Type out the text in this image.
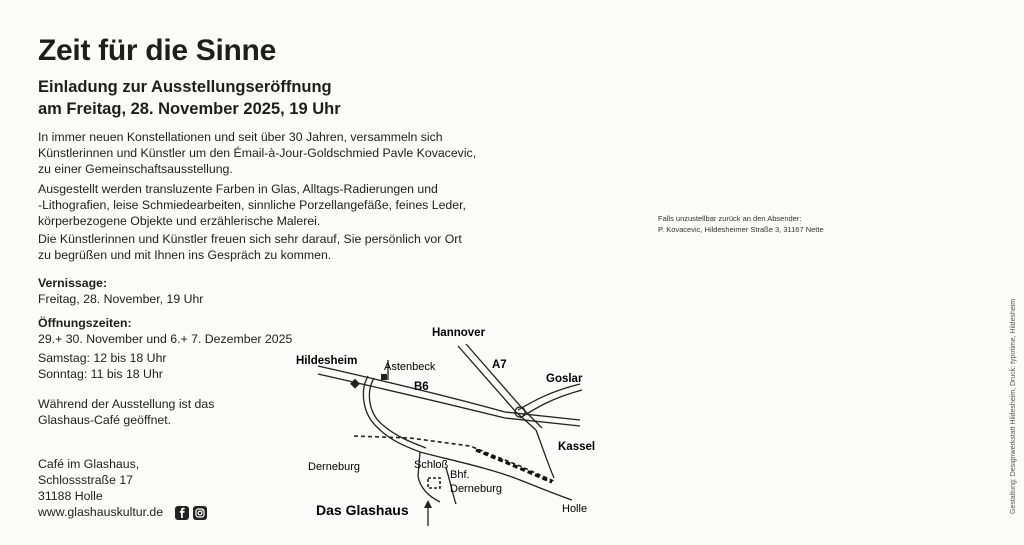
Zeit für die Sinne
Einladung zur Ausstellungseröffnung
am Freitag, 28. November 2025, 19 Uhr
In immer neuen Konstellationen und seit über 30 Jahren, versammeln sich
Künstlerinnen und Künstler um den Émail-à-Jour-Goldschmied Pavle Kovacevic,
zu einer Gemeinschaftsausstellung.
Ausgestellt werden transluzente Farben in Glas, Alltags-Radierungen und
-Lithografien, leise Schmiedearbeiten, sinnliche Porzellangefäße, feines Leder,
körperbezogene Objekte und erzählerische Malerei.
Die Künstlerinnen und Künstler freuen sich sehr darauf, Sie persönlich vor Ort
zu begrüßen und mit Ihnen ins Gespräch zu kommen.
Vernissage:
Freitag, 28. November, 19 Uhr
Öffnungszeiten:
29.+ 30. November und 6.+ 7. Dezember 2025
Samstag: 12 bis 18 Uhr
Sonntag: 11 bis 18 Uhr
Während der Ausstellung ist das
Glashaus-Café geöffnet.
Café im Glashaus,
Schlossstraße 17
31188 Holle
www.glashauskultur.de
Falls unzustellbar zurück an den Absender:
P. Kovacevic, Hildesheimer Straße 3, 31167 Nette
Gestaltung: Designwerkstatt Hildesheim, Druck: typotime, Hildesheim
Hannover
A7
Hildesheim Astenbeck
B6
Goslar
Kassel
Derneburg	Schloß
Bhf.
Derneburg
Das Glashaus	Holle
